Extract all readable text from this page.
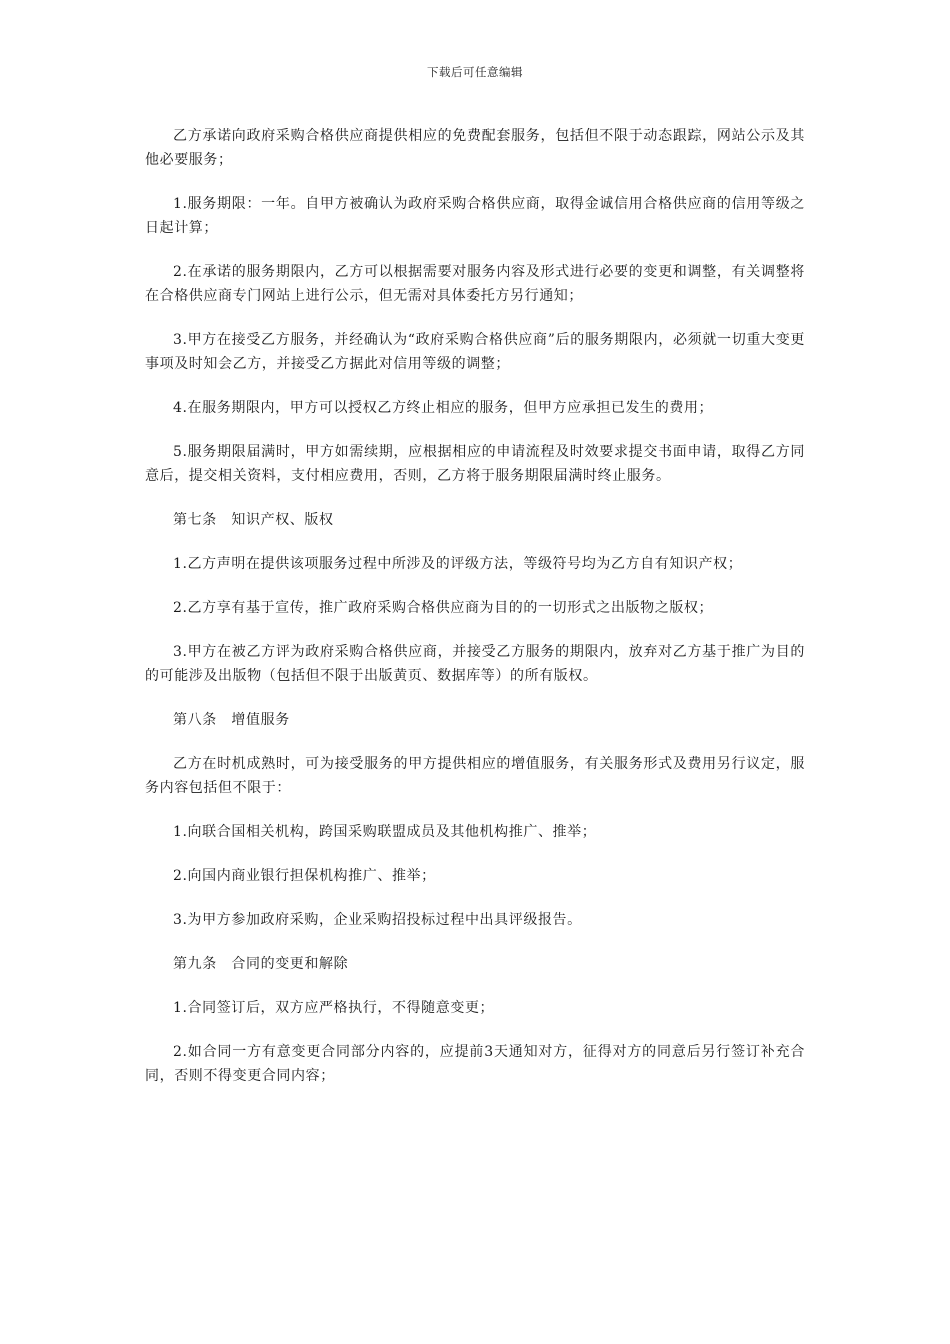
下载后可任意编辑

乙方承诺向政府采购合格供应商提供相应的免费配套服务，包括但不限于动态跟踪，网站公示及其他必要服务；

1.服务期限：一年。自甲方被确认为政府采购合格供应商，取得金诚信用合格供应商的信用等级之日起计算；

2.在承诺的服务期限内，乙方可以根据需要对服务内容及形式进行必要的变更和调整，有关调整将在合格供应商专门网站上进行公示，但无需对具体委托方另行通知；

3.甲方在接受乙方服务，并经确认为“政府采购合格供应商”后的服务期限内，必须就一切重大变更事项及时知会乙方，并接受乙方据此对信用等级的调整；

4.在服务期限内，甲方可以授权乙方终止相应的服务，但甲方应承担已发生的费用；

5.服务期限届满时，甲方如需续期，应根据相应的申请流程及时效要求提交书面申请，取得乙方同意后，提交相关资料，支付相应费用，否则，乙方将于服务期限届满时终止服务。

第七条　知识产权、版权

1.乙方声明在提供该项服务过程中所涉及的评级方法，等级符号均为乙方自有知识产权；

2.乙方享有基于宣传，推广政府采购合格供应商为目的的一切形式之出版物之版权；

3.甲方在被乙方评为政府采购合格供应商，并接受乙方服务的期限内，放弃对乙方基于推广为目的的可能涉及出版物（包括但不限于出版黄页、数据库等）的所有版权。

第八条　增值服务

乙方在时机成熟时，可为接受服务的甲方提供相应的增值服务，有关服务形式及费用另行议定，服务内容包括但不限于：

1.向联合国相关机构，跨国采购联盟成员及其他机构推广、推举；

2.向国内商业银行担保机构推广、推举；

3.为甲方参加政府采购，企业采购招投标过程中出具评级报告。

第九条　合同的变更和解除

1.合同签订后，双方应严格执行，不得随意变更；

2.如合同一方有意变更合同部分内容的，应提前3天通知对方，征得对方的同意后另行签订补充合同，否则不得变更合同内容；
